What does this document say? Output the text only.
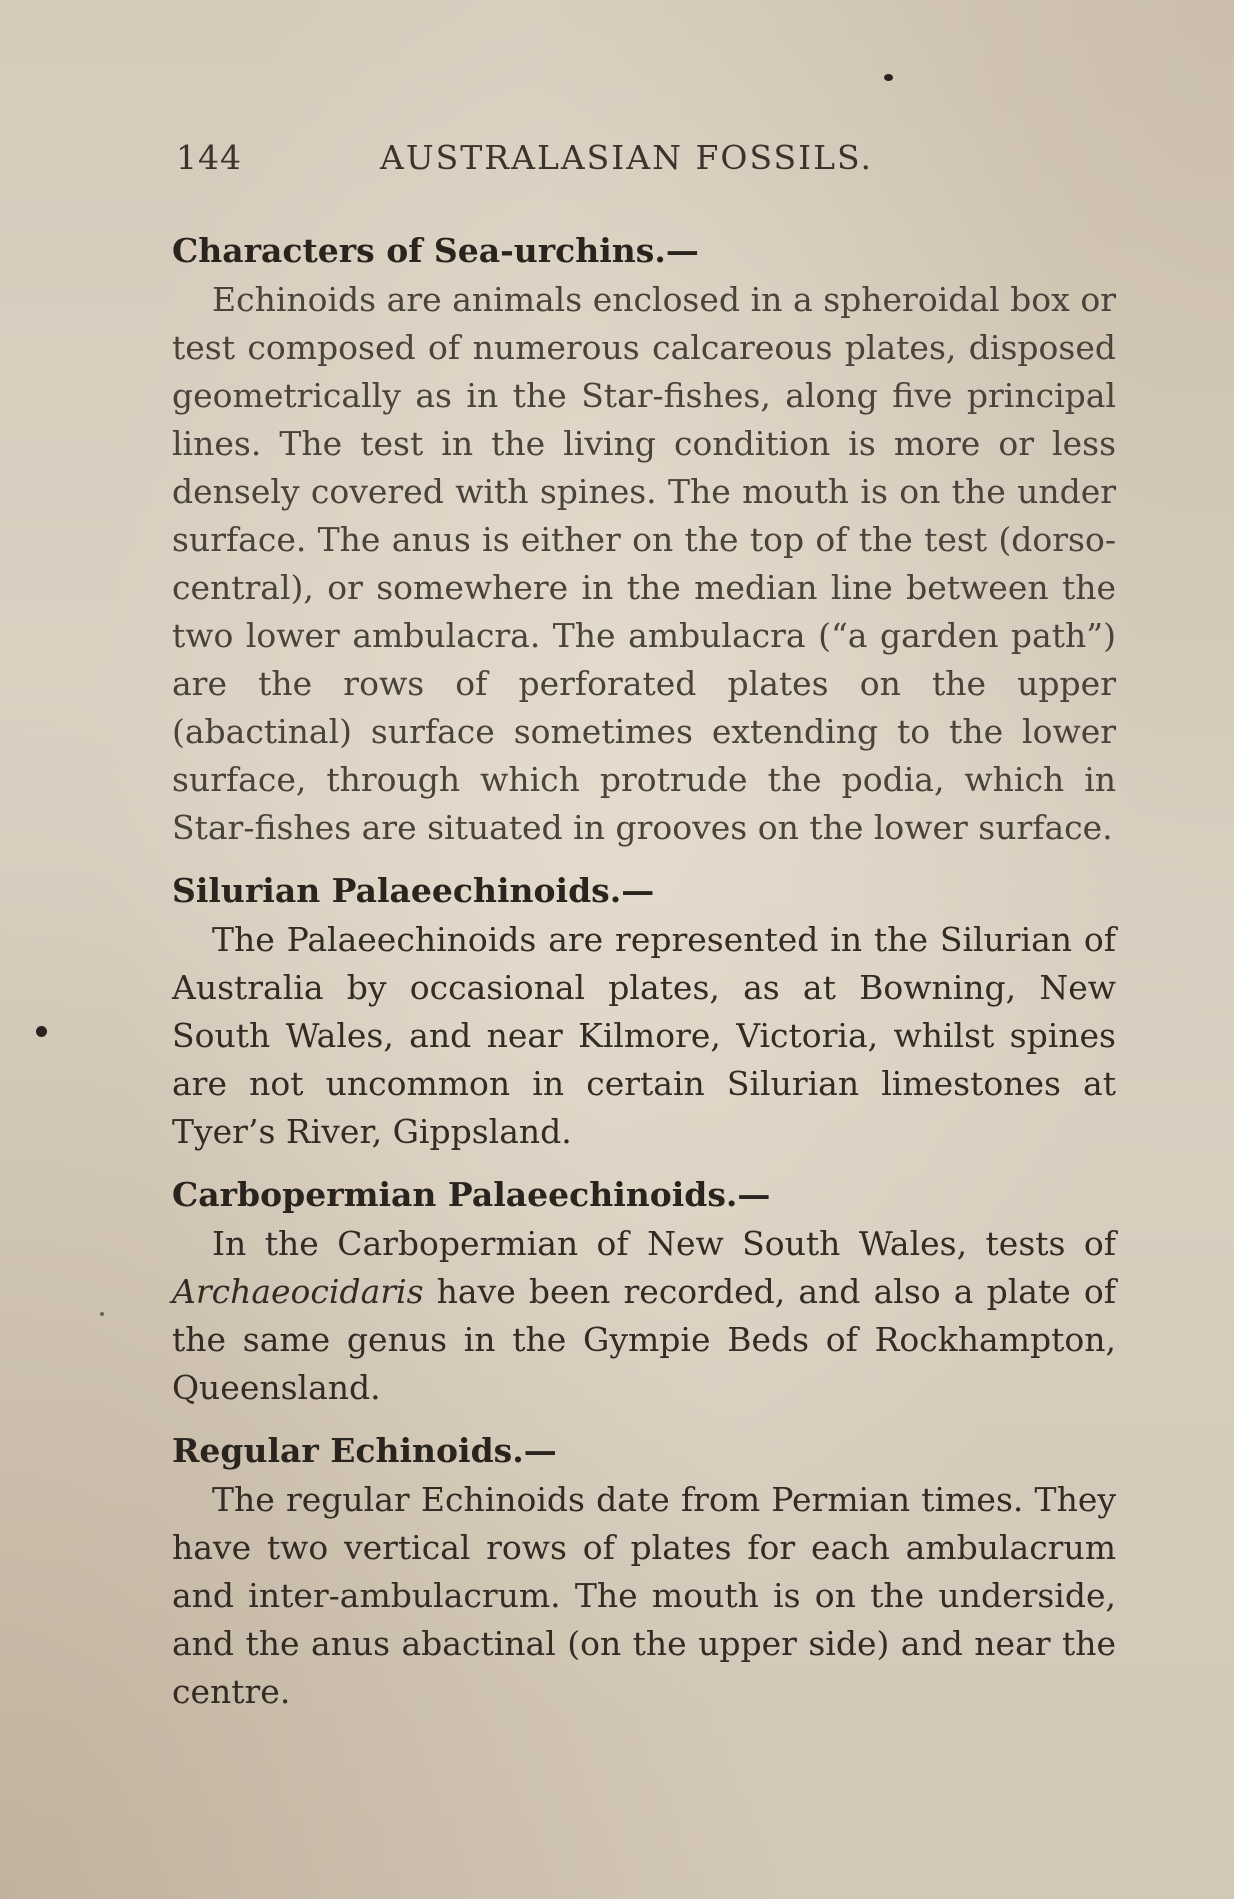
144	AUSTRALASIAN FOSSILS.
Characters of Sea-urchins.—

Echinoids are animals enclosed in a spheroidal box or test composed of numerous calcareous plates, disposed geometrically as in the Star-fishes, along five principal lines. The test in the living condition is more or less densely covered with spines. The mouth is on the under surface. The anus is either on the top of the test (dorso-central), or somewhere in the median line between the two lower ambulacra. The ambulacra (“a garden path”) are the rows of perforated plates on the upper (abactinal) surface sometimes extending to the lower surface, through which protrude the podia, which in Star-fishes are situated in grooves on the lower surface.

Silurian Palaeechinoids.—

The Palaeechinoids are represented in the Silurian of Australia by occasional plates, as at Bowning, New South Wales, and near Kilmore, Victoria, whilst spines are not uncommon in certain Silurian limestones at Tyer’s River, Gippsland.

Carbopermian Palaeechinoids.—

In the Carbopermian of New South Wales, tests of Archaeocidaris have been recorded, and also a plate of the same genus in the Gympie Beds of Rockhampton, Queensland.

Regular Echinoids.—

The regular Echinoids date from Permian times. They have two vertical rows of plates for each ambulacrum and inter-ambulacrum. The mouth is on the underside, and the anus abactinal (on the upper side) and near the centre.
